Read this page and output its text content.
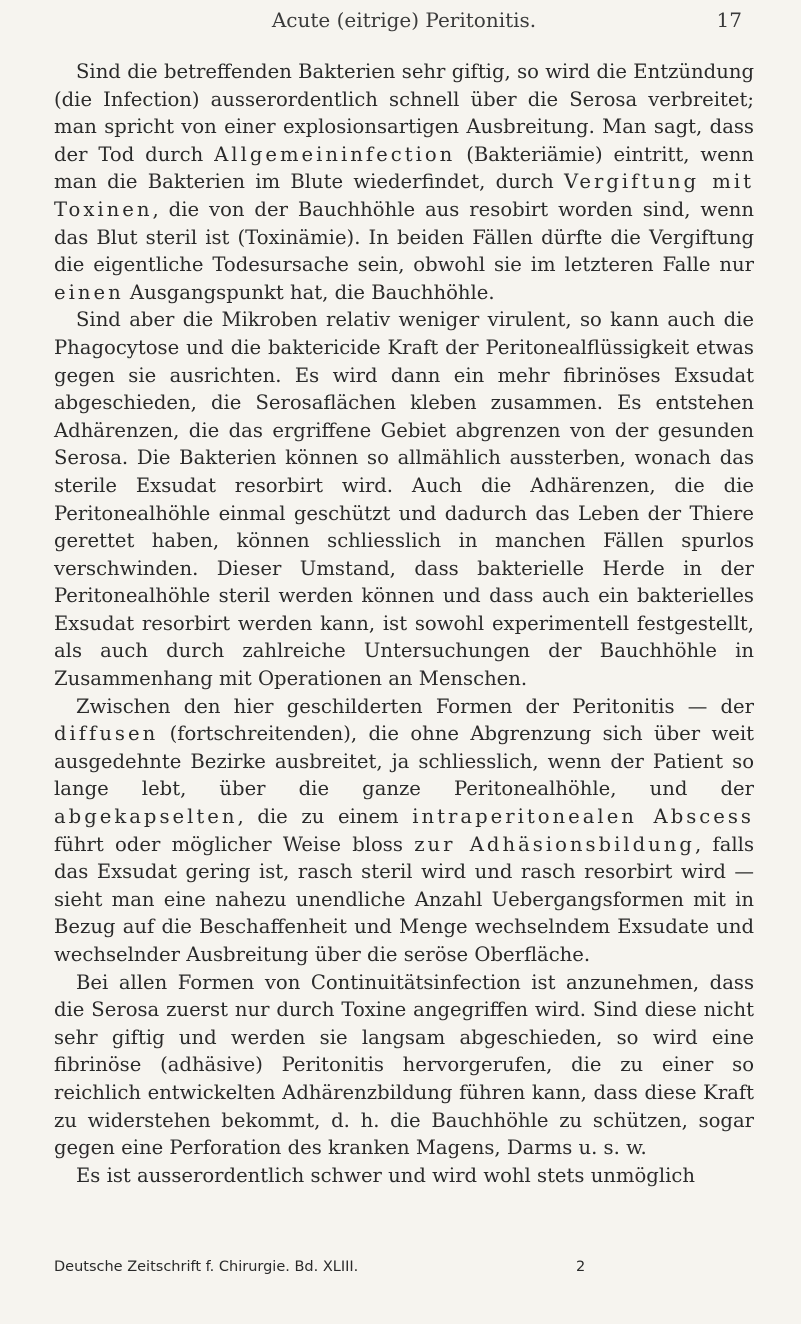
Acute (eitrige) Peritonitis.	17

Sind die betreffenden Bakterien sehr giftig, so wird die Entzündung (die Infection) ausserordentlich schnell über die Serosa verbreitet; man spricht von einer explosionsartigen Ausbreitung. Man sagt, dass der Tod durch Allgemeininfection (Bakteriämie) eintritt, wenn man die Bakterien im Blute wiederfindet, durch Vergiftung mit Toxinen, die von der Bauchhöhle aus resobirt worden sind, wenn das Blut steril ist (Toxinämie). In beiden Fällen dürfte die Vergiftung die eigentliche Todesursache sein, obwohl sie im letzteren Falle nur einen Ausgangspunkt hat, die Bauchhöhle.

Sind aber die Mikroben relativ weniger virulent, so kann auch die Phagocytose und die baktericide Kraft der Peritonealflüssigkeit etwas gegen sie ausrichten. Es wird dann ein mehr fibrinöses Exsudat abgeschieden, die Serosaflächen kleben zusammen. Es entstehen Adhärenzen, die das ergriffene Gebiet abgrenzen von der gesunden Serosa. Die Bakterien können so allmählich aussterben, wonach das sterile Exsudat resorbirt wird. Auch die Adhärenzen, die die Peritonealhöhle einmal geschützt und dadurch das Leben der Thiere gerettet haben, können schliesslich in manchen Fällen spurlos verschwinden. Dieser Umstand, dass bakterielle Herde in der Peritonealhöhle steril werden können und dass auch ein bakterielles Exsudat resorbirt werden kann, ist sowohl experimentell festgestellt, als auch durch zahlreiche Untersuchungen der Bauchhöhle in Zusammenhang mit Operationen an Menschen.

Zwischen den hier geschilderten Formen der Peritonitis — der diffusen (fortschreitenden), die ohne Abgrenzung sich über weit ausgedehnte Bezirke ausbreitet, ja schliesslich, wenn der Patient so lange lebt, über die ganze Peritonealhöhle, und der abgekapselten, die zu einem intraperitonealen Abscess führt oder möglicher Weise bloss zur Adhäsionsbildung, falls das Exsudat gering ist, rasch steril wird und rasch resorbirt wird — sieht man eine nahezu unendliche Anzahl Uebergangsformen mit in Bezug auf die Beschaffenheit und Menge wechselndem Exsudate und wechselnder Ausbreitung über die seröse Oberfläche.

Bei allen Formen von Continuitätsinfection ist anzunehmen, dass die Serosa zuerst nur durch Toxine angegriffen wird. Sind diese nicht sehr giftig und werden sie langsam abgeschieden, so wird eine fibrinöse (adhäsive) Peritonitis hervorgerufen, die zu einer so reichlich entwickelten Adhärenzbildung führen kann, dass diese Kraft zu widerstehen bekommt, d. h. die Bauchhöhle zu schützen, sogar gegen eine Perforation des kranken Magens, Darms u. s. w.

Es ist ausserordentlich schwer und wird wohl stets unmöglich

Deutsche Zeitschrift f. Chirurgie. Bd. XLIII.	2
